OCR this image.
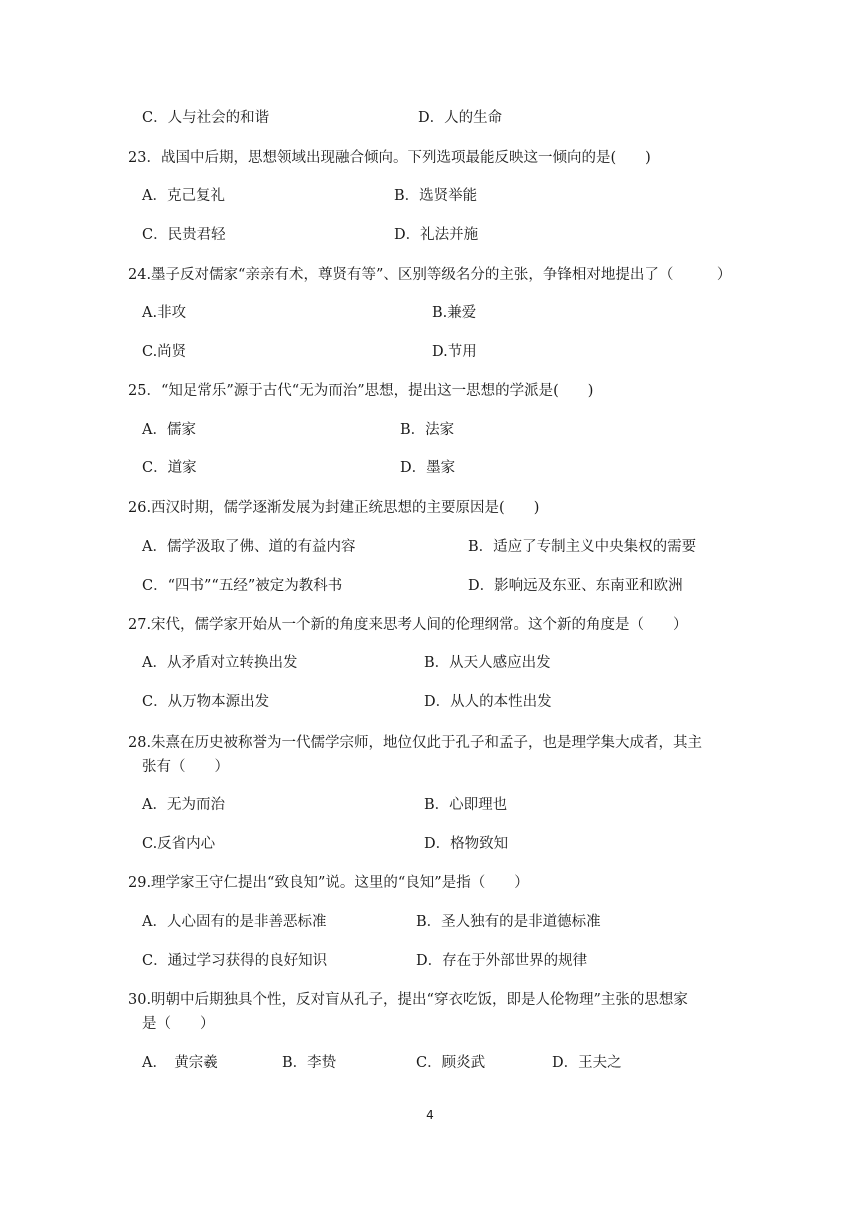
C．人与社会的和谐	D．人的生命
23．战国中后期，思想领域出现融合倾向。下列选项最能反映这一倾向的是(　　)
A．克己复礼	B．选贤举能
C．民贵君轻	D．礼法并施
24.墨子反对儒家“亲亲有术，尊贤有等”、区别等级名分的主张，争锋相对地提出了（　　　）
A.非攻	B.兼爱
C.尚贤	D.节用
25．“知足常乐”源于古代“无为而治”思想，提出这一思想的学派是(　　)
A．儒家	B．法家
C．道家	D．墨家
26.西汉时期，儒学逐渐发展为封建正统思想的主要原因是(　　)
A．儒学汲取了佛、道的有益内容	B．适应了专制主义中央集权的需要
C．“四书”“五经”被定为教科书	D．影响远及东亚、东南亚和欧洲
27.宋代，儒学家开始从一个新的角度来思考人间的伦理纲常。这个新的角度是（　　）
A．从矛盾对立转换出发	B．从天人感应出发
C．从万物本源出发	D．从人的本性出发
28.朱熹在历史被称誉为一代儒学宗师，地位仅此于孔子和孟子，也是理学集大成者，其主
张有（　　）
A．无为而治	B．心即理也
C.反省内心	D．格物致知
29.理学家王守仁提出“致良知”说。这里的“良知”是指（　　）
A．人心固有的是非善恶标准	B．圣人独有的是非道德标准
C．通过学习获得的良好知识	D．存在于外部世界的规律
30.明朝中后期独具个性，反对盲从孔子，提出“穿衣吃饭，即是人伦物理”主张的思想家
是（　　）
A．　黄宗羲	B．李贽	C．顾炎武	D．王夫之
4
